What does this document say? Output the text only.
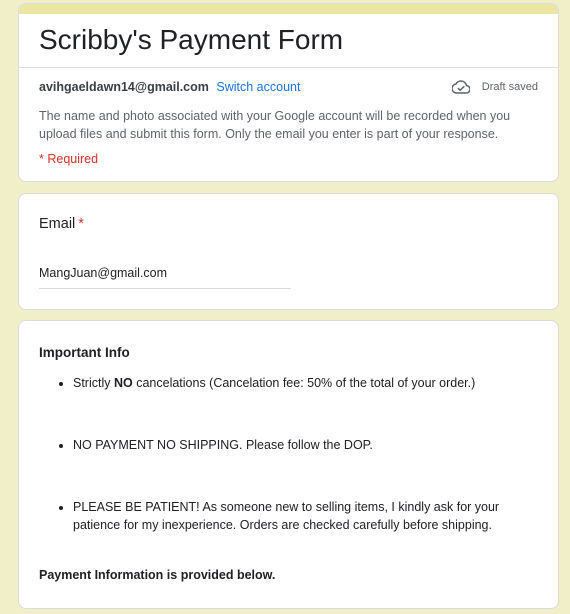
Scribby's Payment Form
avihgaeldawn14@gmail.com Switch account	Draft saved

The name and photo associated with your Google account will be recorded when you upload files and submit this form. Only the email you enter is part of your response.

* Required
Email *
MangJuan@gmail.com
Important Info
• Strictly NO cancelations (Cancelation fee: 50% of the total of your order.)
• NO PAYMENT NO SHIPPING. Please follow the DOP.
• PLEASE BE PATIENT! As someone new to selling items, I kindly ask for your patience for my inexperience. Orders are checked carefully before shipping.
Payment Information is provided below.
